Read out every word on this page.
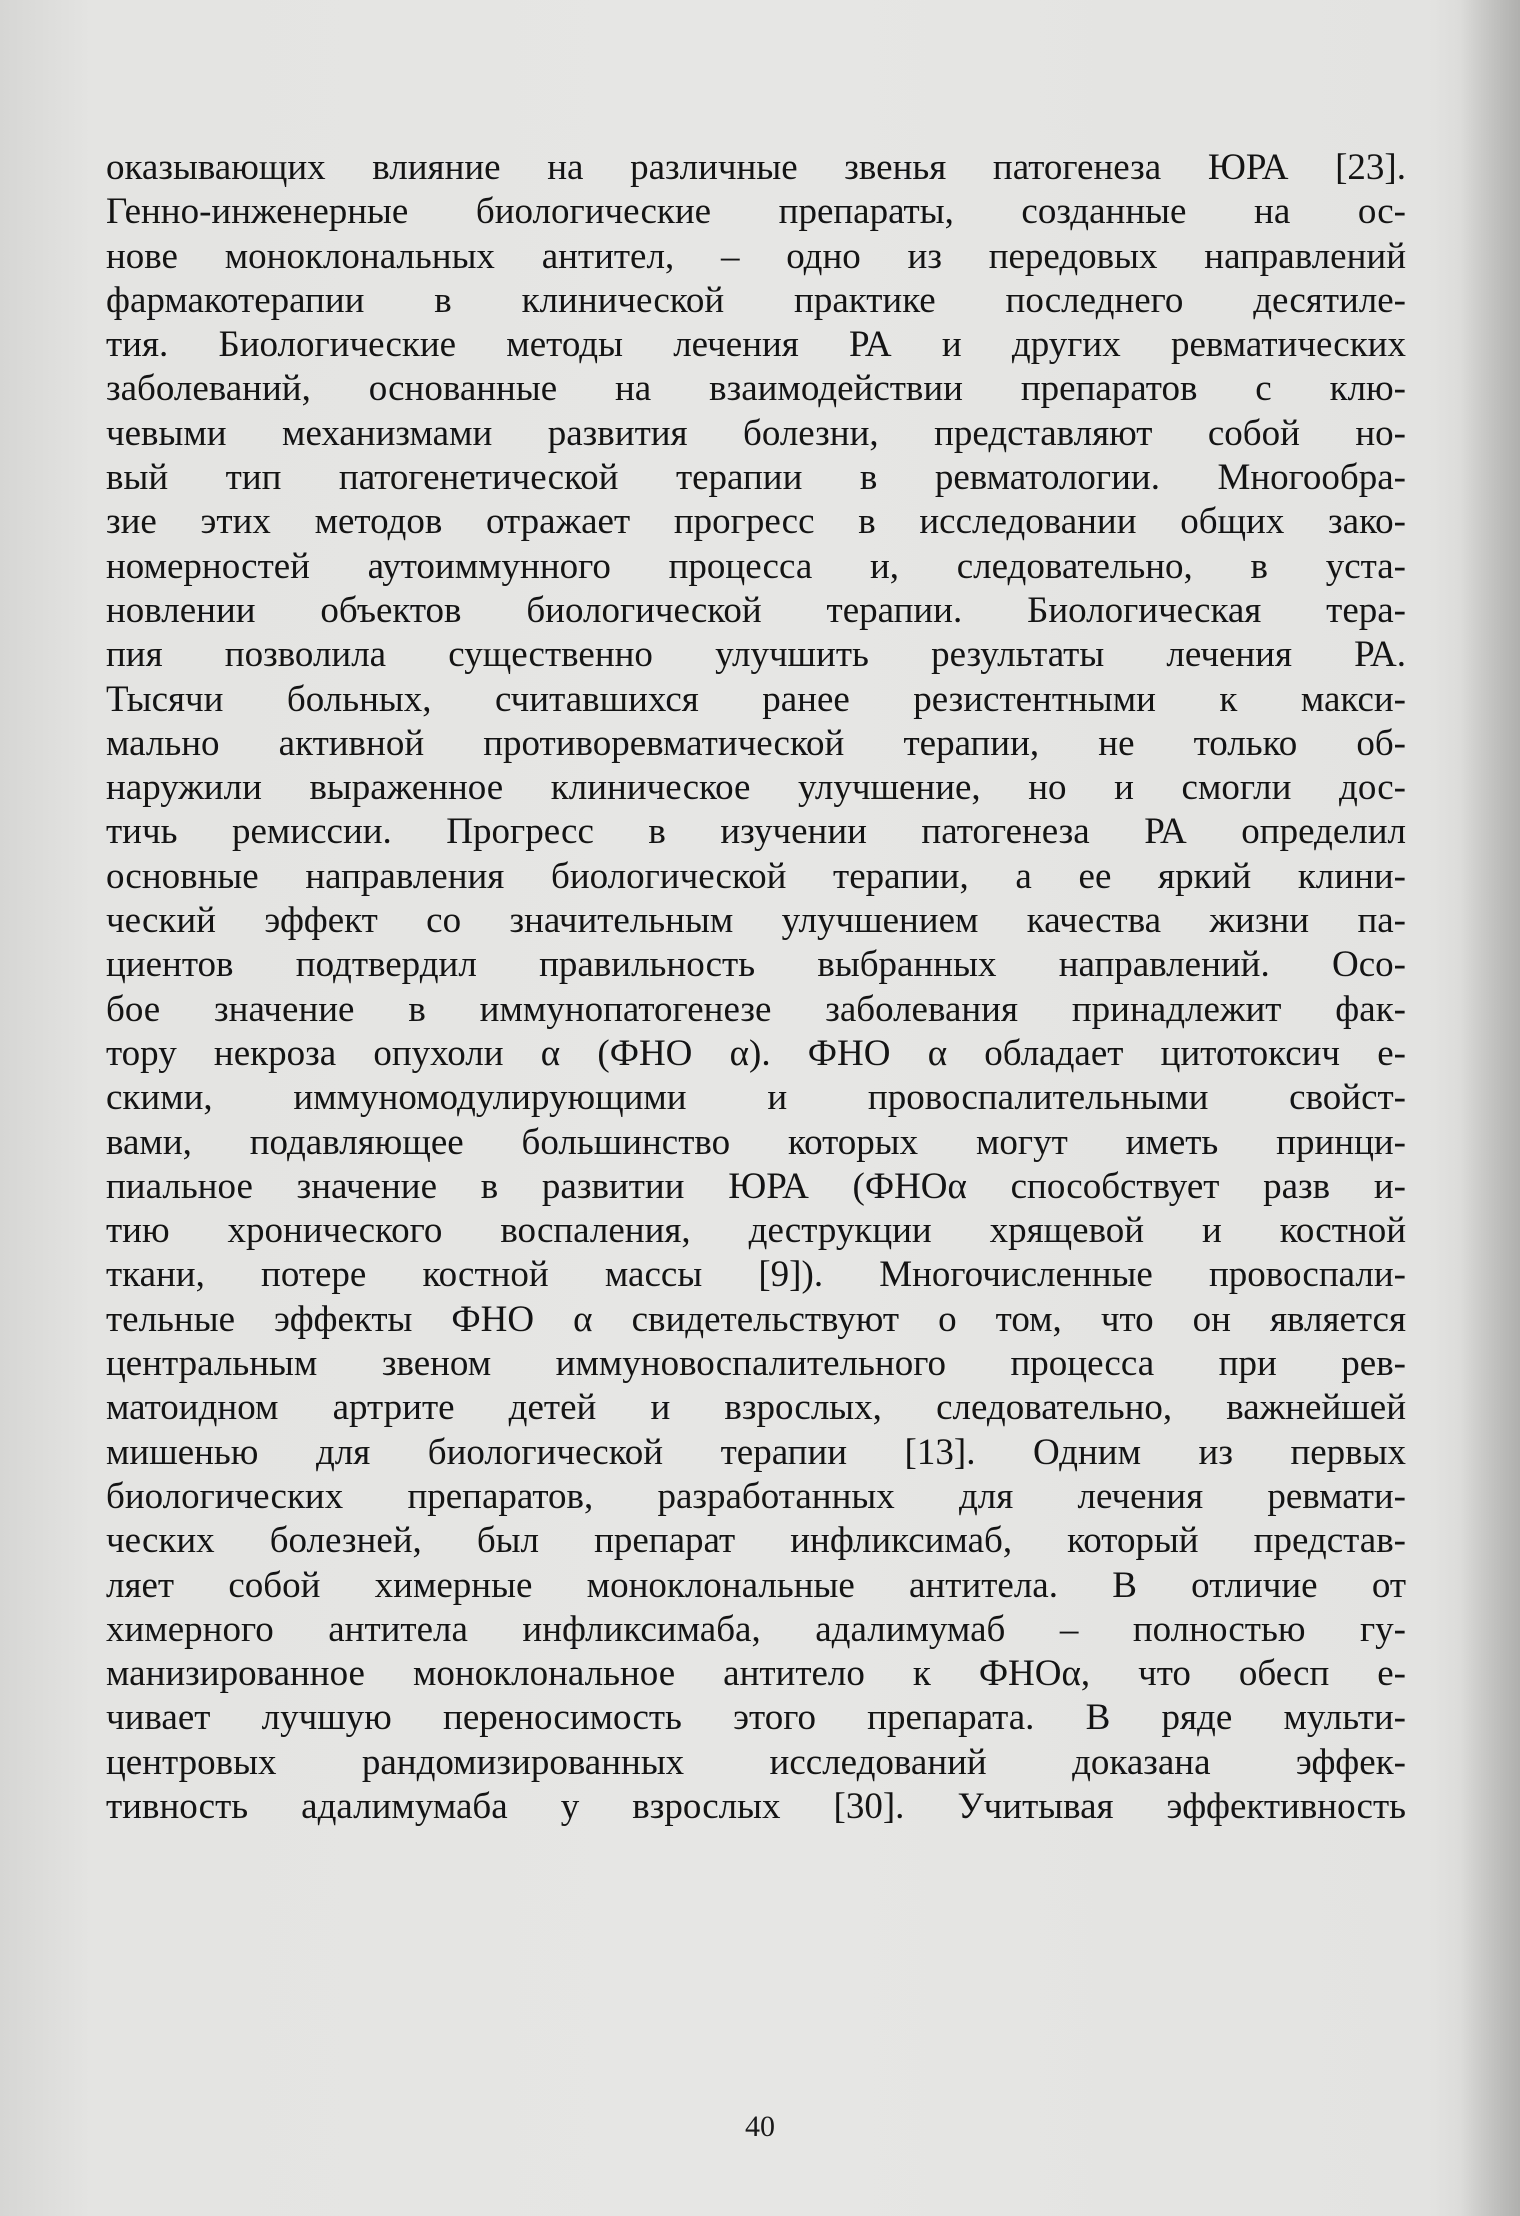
оказывающих влияние на различные звенья патогенеза ЮРА [23].
Генно-инженерные биологические препараты, созданные на ос-
нове моноклональных антител, – одно из передовых направлений
фармакотерапии в клинической практике последнего десятиле-
тия. Биологические методы лечения РА и других ревматических
заболеваний, основанные на взаимодействии препаратов с клю-
чевыми механизмами развития болезни, представляют собой но-
вый тип патогенетической терапии в ревматологии. Многообра-
зие этих методов отражает прогресс в исследовании общих зако-
номерностей аутоиммунного процесса и, следовательно, в уста-
новлении объектов биологической терапии. Биологическая тера-
пия позволила существенно улучшить результаты лечения РА.
Тысячи больных, считавшихся ранее резистентными к макси-
мально активной противоревматической терапии, не только об-
наружили выраженное клиническое улучшение, но и смогли дос-
тичь ремиссии. Прогресс в изучении патогенеза РА определил
основные направления биологической терапии, а ее яркий клини-
ческий эффект со значительным улучшением качества жизни па-
циентов подтвердил правильность выбранных направлений. Осо-
бое значение в иммунопатогенезе заболевания принадлежит фак-
тору некроза опухоли α (ФНО α). ФНО α обладает цитотоксич е-
скими, иммуномодулирующими и провоспалительными свойст-
вами, подавляющее большинство которых могут иметь принци-
пиальное значение в развитии ЮРА (ФНОα способствует разв и-
тию хронического воспаления, деструкции хрящевой и костной
ткани, потере костной массы [9]). Многочисленные провоспали-
тельные эффекты ФНО α свидетельствуют о том, что он является
центральным звеном иммуновоспалительного процесса при рев-
матоидном артрите детей и взрослых, следовательно, важнейшей
мишенью для биологической терапии [13]. Одним из первых
биологических препаратов, разработанных для лечения ревмати-
ческих болезней, был препарат инфликсимаб, который представ-
ляет собой химерные моноклональные антитела. В отличие от
химерного антитела инфликсимаба, адалимумаб – полностью гу-
манизированное моноклональное антитело к ФНОα, что обесп е-
чивает лучшую переносимость этого препарата. В ряде мульти-
центровых рандомизированных исследований доказана эффек-
тивность адалимумаба у взрослых [30]. Учитывая эффективность
40
